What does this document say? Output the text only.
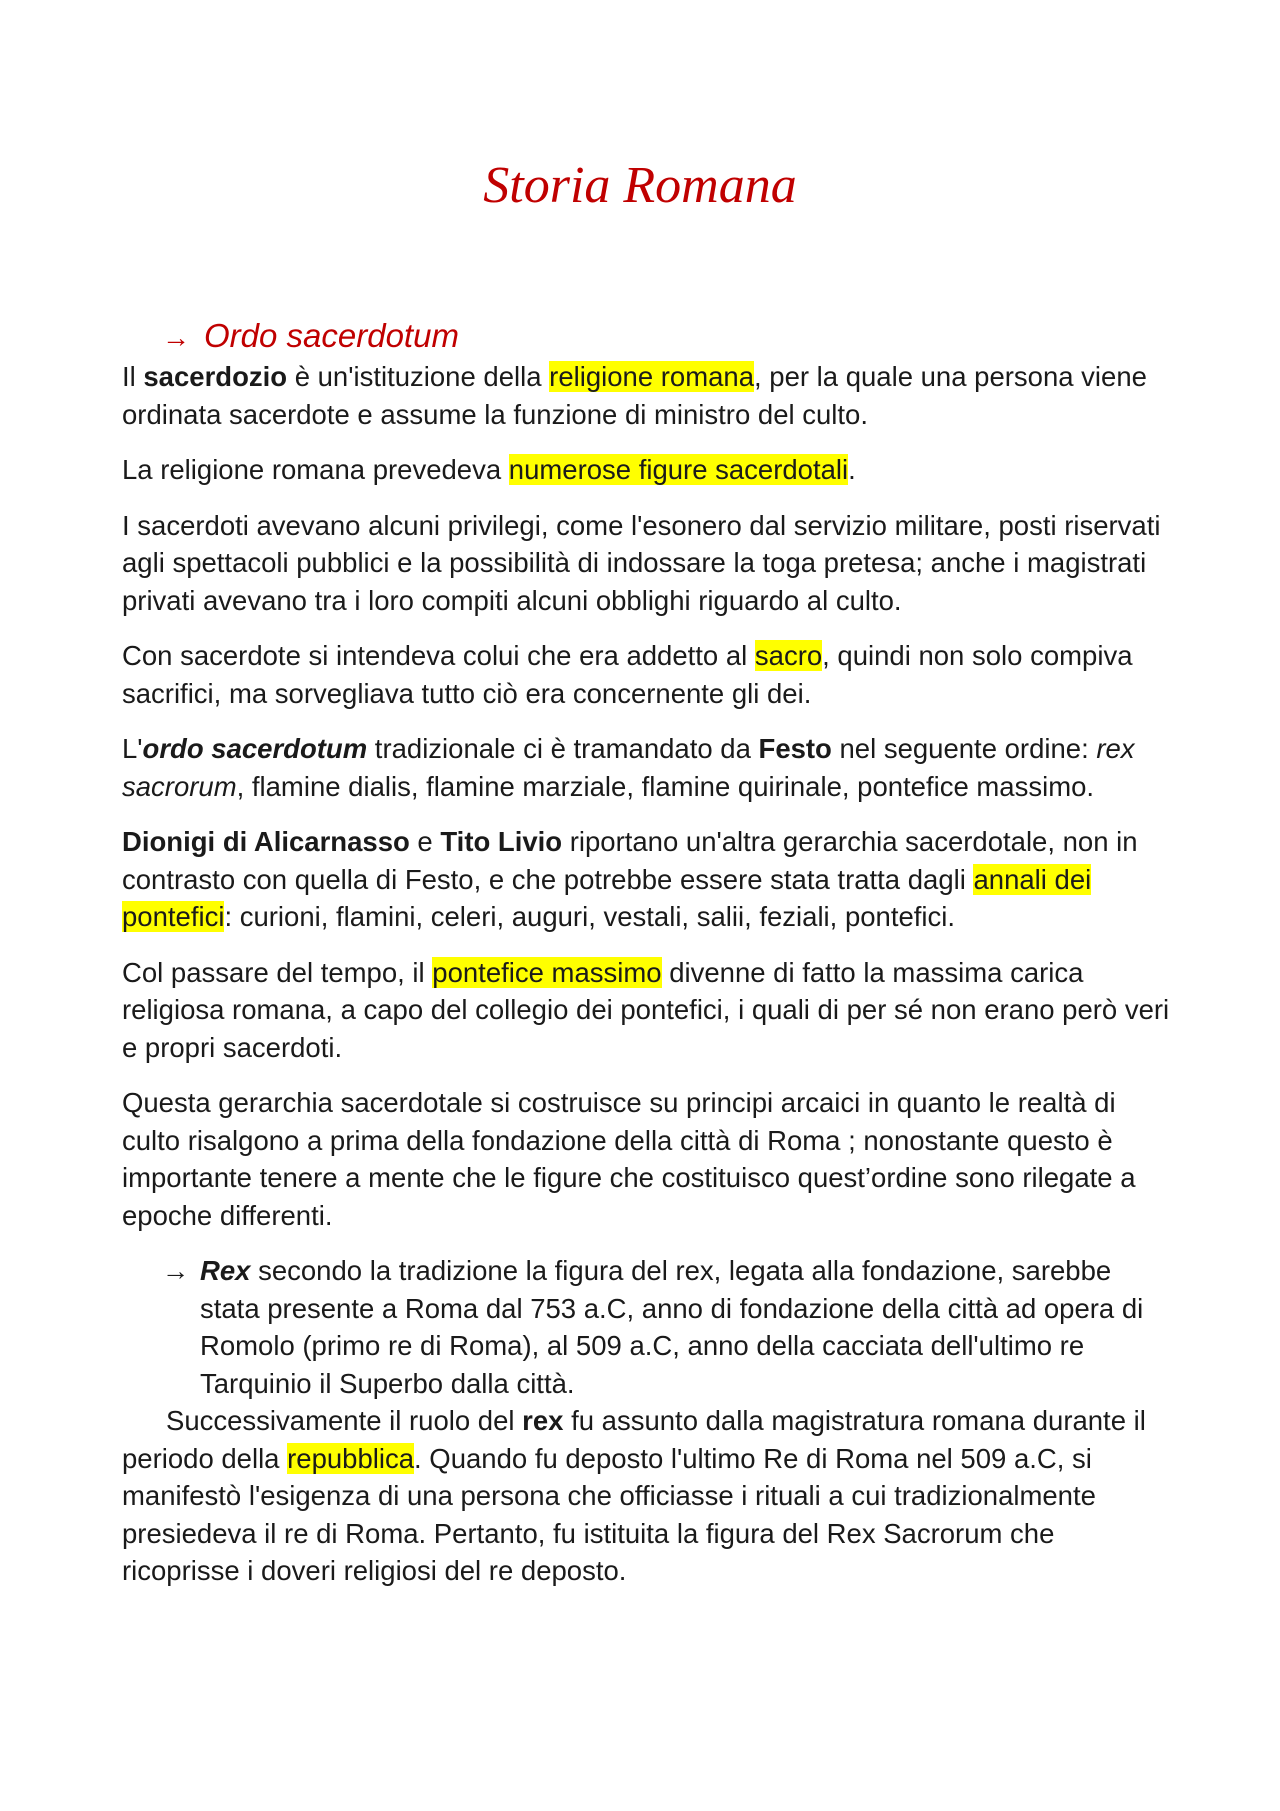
Storia Romana
→ Ordo sacerdotum

Il sacerdozio è un'istituzione della religione romana, per la quale una persona viene ordinata sacerdote e assume la funzione di ministro del culto.

La religione romana prevedeva numerose figure sacerdotali.

I sacerdoti avevano alcuni privilegi, come l'esonero dal servizio militare, posti riservati agli spettacoli pubblici e la possibilità di indossare la toga pretesa; anche i magistrati privati avevano tra i loro compiti alcuni obblighi riguardo al culto.

Con sacerdote si intendeva colui che era addetto al sacro, quindi non solo compiva sacrifici, ma sorvegliava tutto ciò era concernente gli dei.

L'ordo sacerdotum tradizionale ci è tramandato da Festo nel seguente ordine: rex sacrorum, flamine dialis, flamine marziale, flamine quirinale, pontefice massimo.

Dionigi di Alicarnasso e Tito Livio riportano un'altra gerarchia sacerdotale, non in contrasto con quella di Festo, e che potrebbe essere stata tratta dagli annali dei pontefici: curioni, flamini, celeri, auguri, vestali, salii, feziali, pontefici.

Col passare del tempo, il pontefice massimo divenne di fatto la massima carica religiosa romana, a capo del collegio dei pontefici, i quali di per sé non erano però veri e propri sacerdoti.

Questa gerarchia sacerdotale si costruisce su principi arcaici in quanto le realtà di culto risalgono a prima della fondazione della città di Roma ; nonostante questo è importante tenere a mente che le figure che costituisco quest’ordine sono rilegate a epoche differenti.

→ Rex secondo la tradizione la figura del rex, legata alla fondazione, sarebbe stata presente a Roma dal 753 a.C, anno di fondazione della città ad opera di Romolo (primo re di Roma), al 509 a.C, anno della cacciata dell'ultimo re Tarquinio il Superbo dalla città.

Successivamente il ruolo del rex fu assunto dalla magistratura romana durante il periodo della repubblica. Quando fu deposto l'ultimo Re di Roma nel 509 a.C, si manifestò l'esigenza di una persona che officiasse i rituali a cui tradizionalmente presiedeva il re di Roma. Pertanto, fu istituita la figura del Rex Sacrorum che ricoprisse i doveri religiosi del re deposto.
